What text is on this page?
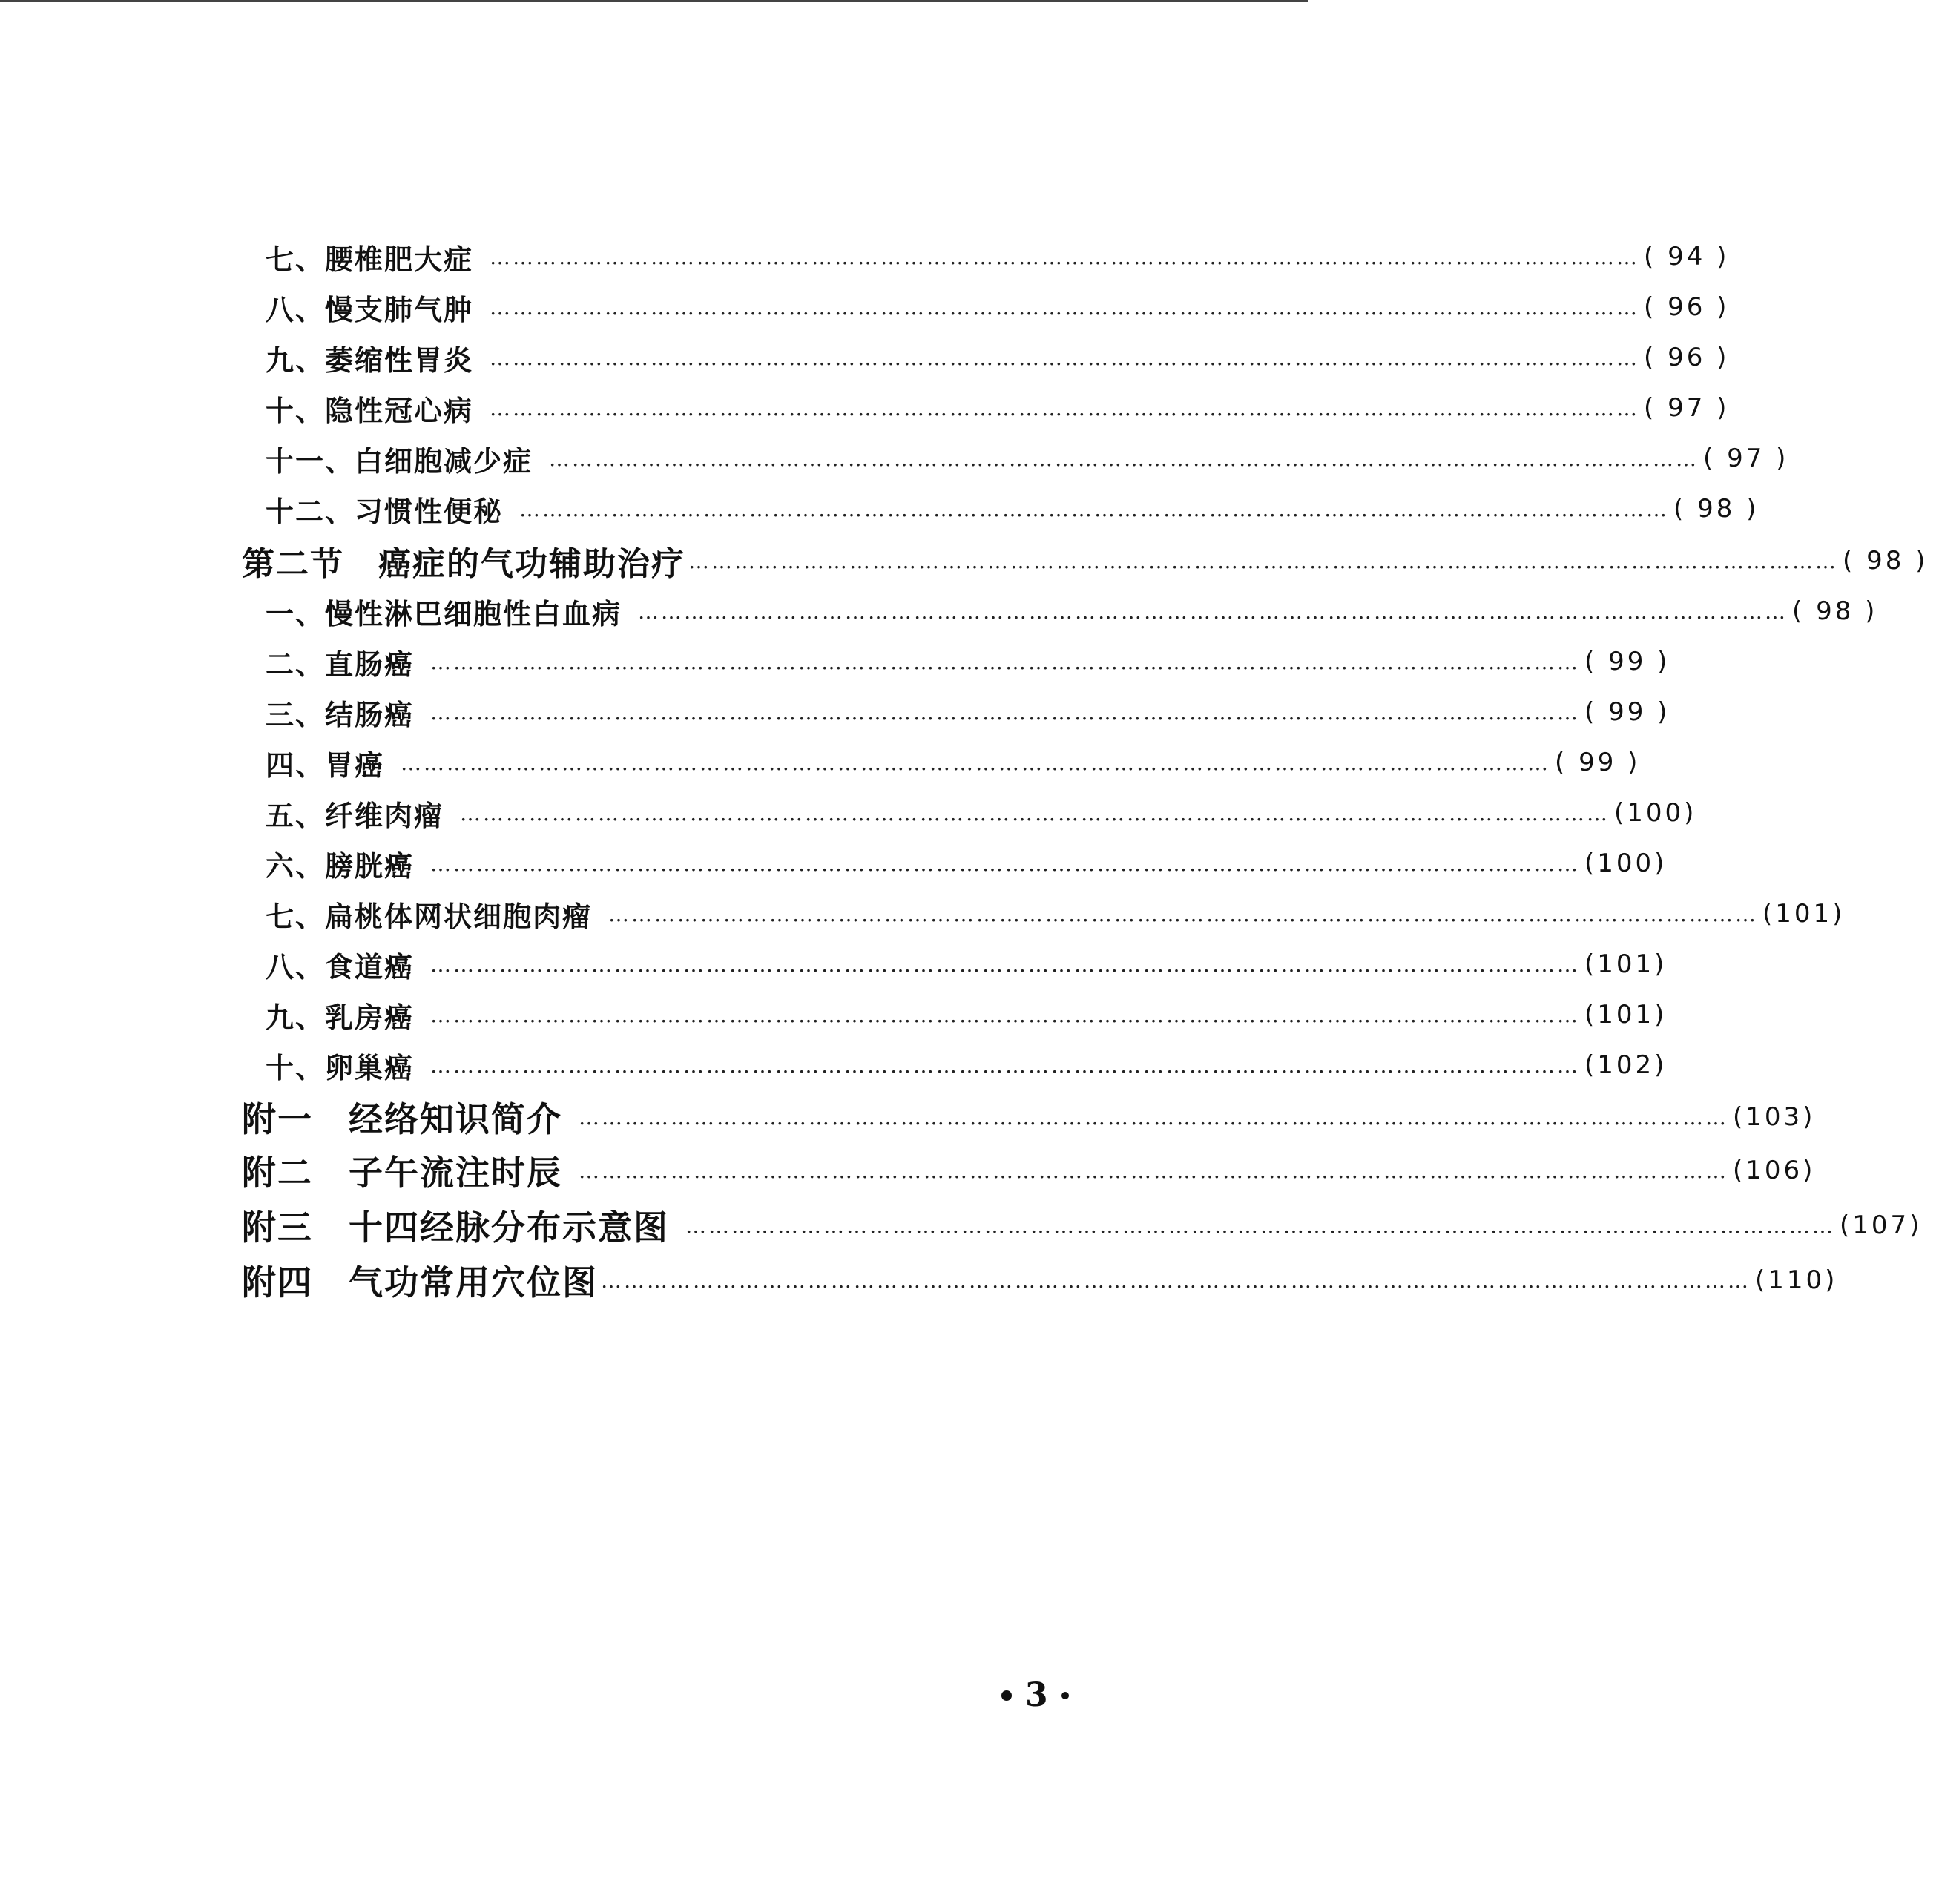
七、腰椎肥大症 …………………………………………………………………………………………………………………………………… ( 94 )
八、慢支肺气肿 …………………………………………………………………………………………………………………………………… ( 96 )
九、萎缩性胃炎 …………………………………………………………………………………………………………………………………… ( 96 )
十、隐性冠心病 …………………………………………………………………………………………………………………………………… ( 97 )
十一、白细胞减少症 …………………………………………………………………………………………………………………………………… ( 97 )
十二、习惯性便秘 …………………………………………………………………………………………………………………………………… ( 98 )
第二节　癌症的气功辅助治疗 …………………………………………………………………………………………………………………………………… ( 98 )
一、慢性淋巴细胞性白血病 …………………………………………………………………………………………………………………………………… ( 98 )
二、直肠癌 …………………………………………………………………………………………………………………………………… ( 99 )
三、结肠癌 …………………………………………………………………………………………………………………………………… ( 99 )
四、胃癌 …………………………………………………………………………………………………………………………………… ( 99 )
五、纤维肉瘤 …………………………………………………………………………………………………………………………………… (100)
六、膀胱癌 …………………………………………………………………………………………………………………………………… (100)
七、扁桃体网状细胞肉瘤 …………………………………………………………………………………………………………………………………… (101)
八、食道癌 …………………………………………………………………………………………………………………………………… (101)
九、乳房癌 …………………………………………………………………………………………………………………………………… (101)
十、卵巢癌 …………………………………………………………………………………………………………………………………… (102)
附一　经络知识简介 …………………………………………………………………………………………………………………………………… (103)
附二　子午流注时辰 …………………………………………………………………………………………………………………………………… (106)
附三　十四经脉分布示意图 …………………………………………………………………………………………………………………………………… (107)
附四　气功常用穴位图 …………………………………………………………………………………………………………………………………… (110)
3
